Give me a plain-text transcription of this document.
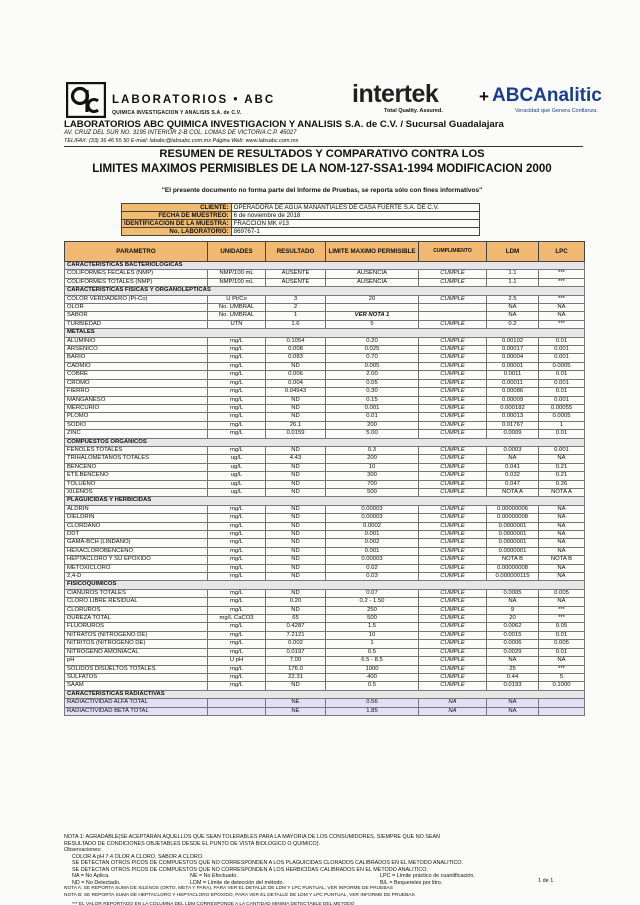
LABORATORIOS • ABC
QUIMICA INVESTIGACION Y ANALISIS S.A. de C.V.
intertek + ABC⁠Analitic
Total Quality. Assured.	Veracidad que Genera Confianza.
LABORATORIOS ABC QUIMICA INVESTIGACION Y ANALISIS S.A. de C.V. / Sucursal Guadalajara
AV. CRUZ DEL SUR NO. 3195 INTERIOR 2-B COL. LOMAS DE VICTORIA C.P. 45027
TEL/FAX: (33) 36 46 55 50 E-mail: lababc@labsabc.com.mx Página Web: www.labsabc.com.mx
RESUMEN DE RESULTADOS Y COMPARATIVO CONTRA LOS
LIMITES MAXIMOS PERMISIBLES DE LA NOM-127-SSA1-1994 MODIFICACION 2000
"El presente documento no forma parte del Informe de Pruebas, se reporta sólo con fines informativos"
CLIENTE:	OPERADORA DE AGUA MANANTIALES DE CASA FUERTE S.A. DE C.V.
FECHA DE MUESTREO:	6 de noviembre de 2018
IDENTIFICACION DE LA MUESTRA:	FRACCION MK #13
No. LABORATORIO:	869767-1
PARAMETRO	UNIDADES	RESULTADO	LIMITE MAXIMO PERMISIBLE	CUMPLIMIENTO	LDM	LPC
CARACTERISTICAS BACTERIOLÓGICAS						
COLIFORMES FECALES (NMP)	NMP/100 mL	AUSENTE	AUSENCIA	CUMPLE	1.1	***
COLIFORMES TOTALES (NMP)	NMP/100 mL	AUSENTE	AUSENCIA	CUMPLE	1.1	***
CARACTERISTICAS FÍSICAS Y ORGANOLÉPTICAS						
COLOR VERDADERO (Pt-Co)	U Pt/Co	3	20	CUMPLE	2.5	***
OLOR	No. UMBRAL	2			NA	NA
SABOR	No. UMBRAL	1	VER NOTA 1		NA	NA
TURBIEDAD	UTN	1.6	5	CUMPLE	0.2	***
METALES						
ALUMINIO	mg/L	0.1054	0.20	CUMPLE	0.00102	0.01
ARSENICO	mg/L	0.008	0.025	CUMPLE	0.00017	0.001
BARIO	mg/L	0.083	0.70	CUMPLE	0.00004	0.001
CADMIO	mg/L	ND	0.005	CUMPLE	0.00001	0.0005
COBRE	mg/L	0.006	2.00	CUMPLE	0.0011	0.01
CROMO	mg/L	0.004	0.05	CUMPLE	0.00011	0.001
FIERRO	mg/L	0.04943	0.30	CUMPLE	0.00086	0.01
MANGANESO	mg/L	ND	0.15	CUMPLE	0.00009	0.001
MERCURIO	mg/L	ND	0.001	CUMPLE	0.000182	0.00055
PLOMO	mg/L	ND	0.01	CUMPLE	0.00013	0.0005
SODIO	mg/L	26.1	200	CUMPLE	0.01767	1
ZINC	mg/L	0.0159	5.00	CUMPLE	0.0009	0.01
COMPUESTOS ORGÁNICOS						
FENOLES TOTALES	mg/L	ND	0.3	CUMPLE	0.0003	0.001
TRIHALOMETANOS TOTALES	ug/L	4.43	200	CUMPLE	NA	NA
BENCENO	ug/L	ND	10	CUMPLE	0.041	0.21
ETILBENCENO	ug/L	ND	300	CUMPLE	0.032	0.21
TOLUENO	ug/L	ND	700	CUMPLE	0.047	0.26
XILENOS	ug/L	ND	500	CUMPLE	NOTA A	NOTA A
PLAGUICIDAS Y HERBICIDAS						
ALDRIN	mg/L	ND	0.00003	CUMPLE	0.00000006	NA
DIELDRIN	mg/L	ND	0.00003	CUMPLE	0.00000008	NA
CLORDANO	mg/L	ND	0.0002	CUMPLE	0.0000001	NA
DDT	mg/L	ND	0.001	CUMPLE	0.0000001	NA
GAMA-BCH (LINDANO)	mg/L	ND	0.002	CUMPLE	0.0000001	NA
HEXACLOROBENCENO	mg/L	ND	0.001	CUMPLE	0.0000001	NA
HEPTACLORO Y SU EPOXIDO	mg/L	ND	0.00003	CUMPLE	NOTA B	NOTA B
METOXICLORO	mg/L	ND	0.02	CUMPLE	0.00000008	NA
2,4-D	mg/L	ND	0.03	CUMPLE	0.000000115	NA
FISICOQUÍMICOS						
CIANUROS TOTALES	mg/L	ND	0.07	CUMPLE	0.0005	0.005
CLORO LIBRE RESIDUAL	mg/L	0.20	0.2 - 1.50	CUMPLE	NA	NA
CLORUROS	mg/L	ND	250	CUMPLE	9	***
DUREZA TOTAL	mg/L CaCO3	65	500	CUMPLE	20	***
FLUORUROS	mg/L	0.4287	1.5	CUMPLE	0.0062	0.05
NITRATOS (NITROGENO DE)	mg/L	7.2121	10	CUMPLE	0.0015	0.01
NITRITOS (NITROGENO DE)	mg/L	0.002	1	CUMPLE	0.0006	0.005
NITROGENO AMONIACAL	mg/L	0.0197	0.5	CUMPLE	0.0029	0.01
pH	U pH	7.00	6.5 - 8.5	CUMPLE	NA	NA
SOLIDOS DISUELTOS TOTALES	mg/L	176.0	1000	CUMPLE	25	***
SULFATOS	mg/L	22.31	400	CUMPLE	0.44	5
SAAM	mg/L	ND	0.5	CUMPLE	0.0193	0.1000
CARACTERISTICAS RADIACTIVAS						
RADIACTIVIDAD ALFA TOTAL		NE	0.56	NA	NA	
RADIACTIVIDAD BETA TOTAL		NE	1.85	NA	NA	
NOTA 1: AGRADABLE(SE ACEPTARAN AQUELLOS QUE SEAN TOLERABLES PARA LA MAYORIA DE LOS CONSUMIDORES, SIEMPRE QUE NO SEAN
RESULTADO DE CONDICIONES OBJETABLES DESDE EL PUNTO DE VISTA BIOLÓGICO O QUÍMICO).
Observaciones:
COLOR A pH 7.4 OLOR A CLORO. SABOR A CLORO.
SE DETECTAN OTROS PICOS DE COMPUESTOS QUE NO CORRESPONDEN A LOS PLAGUICIDAS CLORADOS CALIBRADOS EN EL METODO ANALITICO.
SE DETECTAN OTROS PICOS DE COMPUESTOS QUE NO CORRESPONDEN A LOS HERBICIDAS CALIBRADOS EN EL METODO ANALITICO.
NA = No Aplica.	NE = No Efectuado.	LPC = Límite práctico de cuantificación.
ND = No Detectado.	LDM = Límite de detección del método.	B/L = Bequereles por litro.
NOTA A: SE REPORTA SUMA DE XILENOS (ORTO, META Y PARA), PARA VER EL DETALLE DE LDM Y LPC PUNTUAL, VER INFORME DE PRUEBAS
NOTA B: SE REPORTA SUMA DE HEPTACLORO Y HEPTACLORO EPOXIDO, PARA VER EL DETALLE DE LDM Y LPC PUNTUAL, VER INFORME DE PRUEBAS
*** EL VALOR REPORTADO EN LA COLUMNA DEL LDM CORRESPONDE A LA CANTIDAD MINIMA DETECTABLE DEL METODO
1 de 1
